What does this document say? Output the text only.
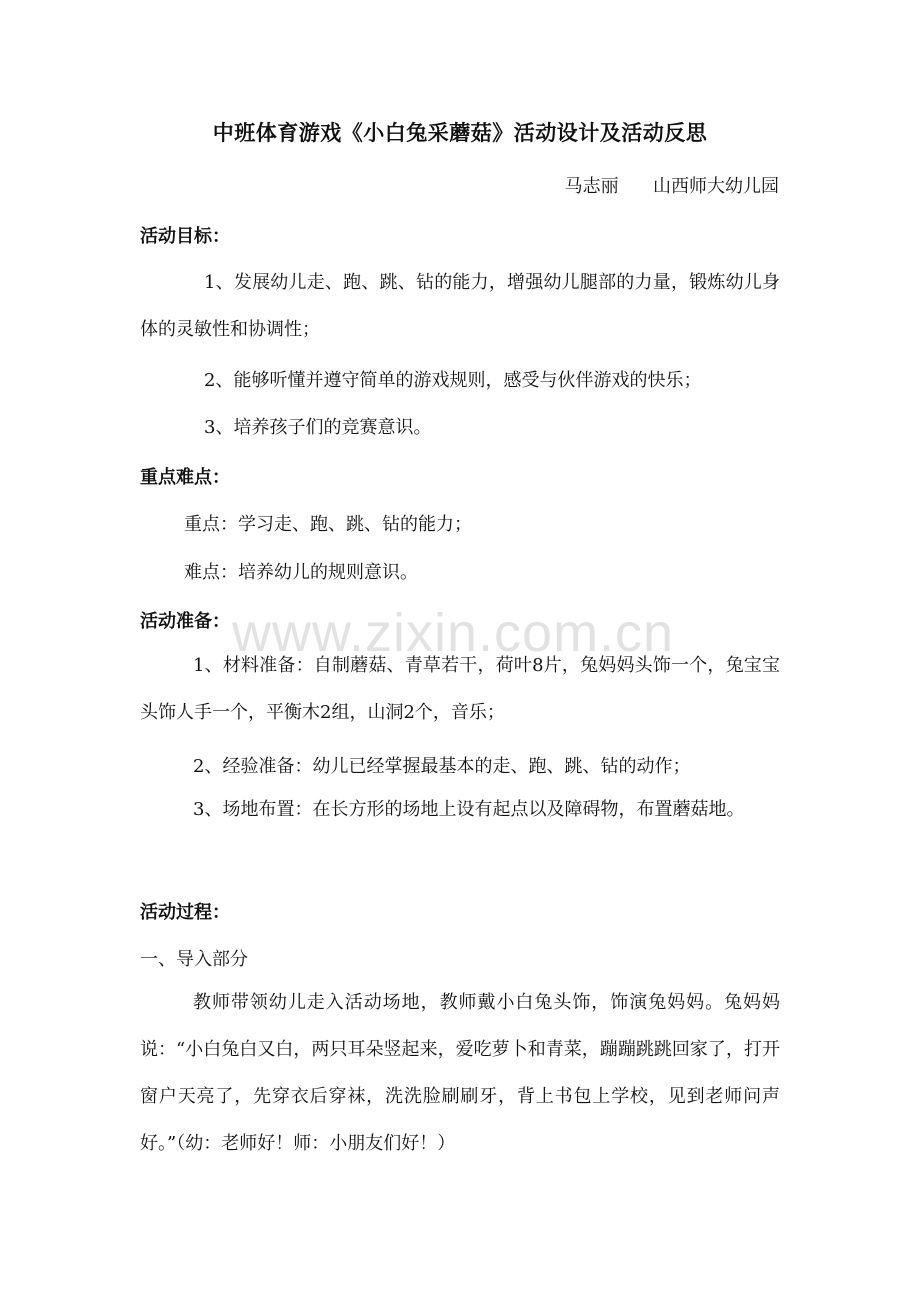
www.zixin.com.cn
中班体育游戏《小白兔采蘑菇》活动设计及活动反思
马志丽      山西师大幼儿园
活动目标：
1、发展幼儿走、跑、跳、钻的能力，增强幼儿腿部的力量，锻炼幼儿身体的灵敏性和协调性；
2、能够听懂并遵守简单的游戏规则，感受与伙伴游戏的快乐；
3、培养孩子们的竞赛意识。
重点难点：
重点：学习走、跑、跳、钻的能力；
难点：培养幼儿的规则意识。
活动准备：
1、材料准备：自制蘑菇、青草若干，荷叶8片，兔妈妈头饰一个，兔宝宝头饰人手一个，平衡木2组，山洞2个，音乐；
2、经验准备：幼儿已经掌握最基本的走、跑、跳、钻的动作；
3、场地布置：在长方形的场地上设有起点以及障碍物，布置蘑菇地。
活动过程：
一、导入部分
教师带领幼儿走入活动场地，教师戴小白兔头饰，饰演兔妈妈。兔妈妈说：“小白兔白又白，两只耳朵竖起来，爱吃萝卜和青菜，蹦蹦跳跳回家了，打开窗户天亮了，先穿衣后穿袜，洗洗脸刷刷牙，背上书包上学校，见到老师问声好。”（幼：老师好！师：小朋友们好！）
